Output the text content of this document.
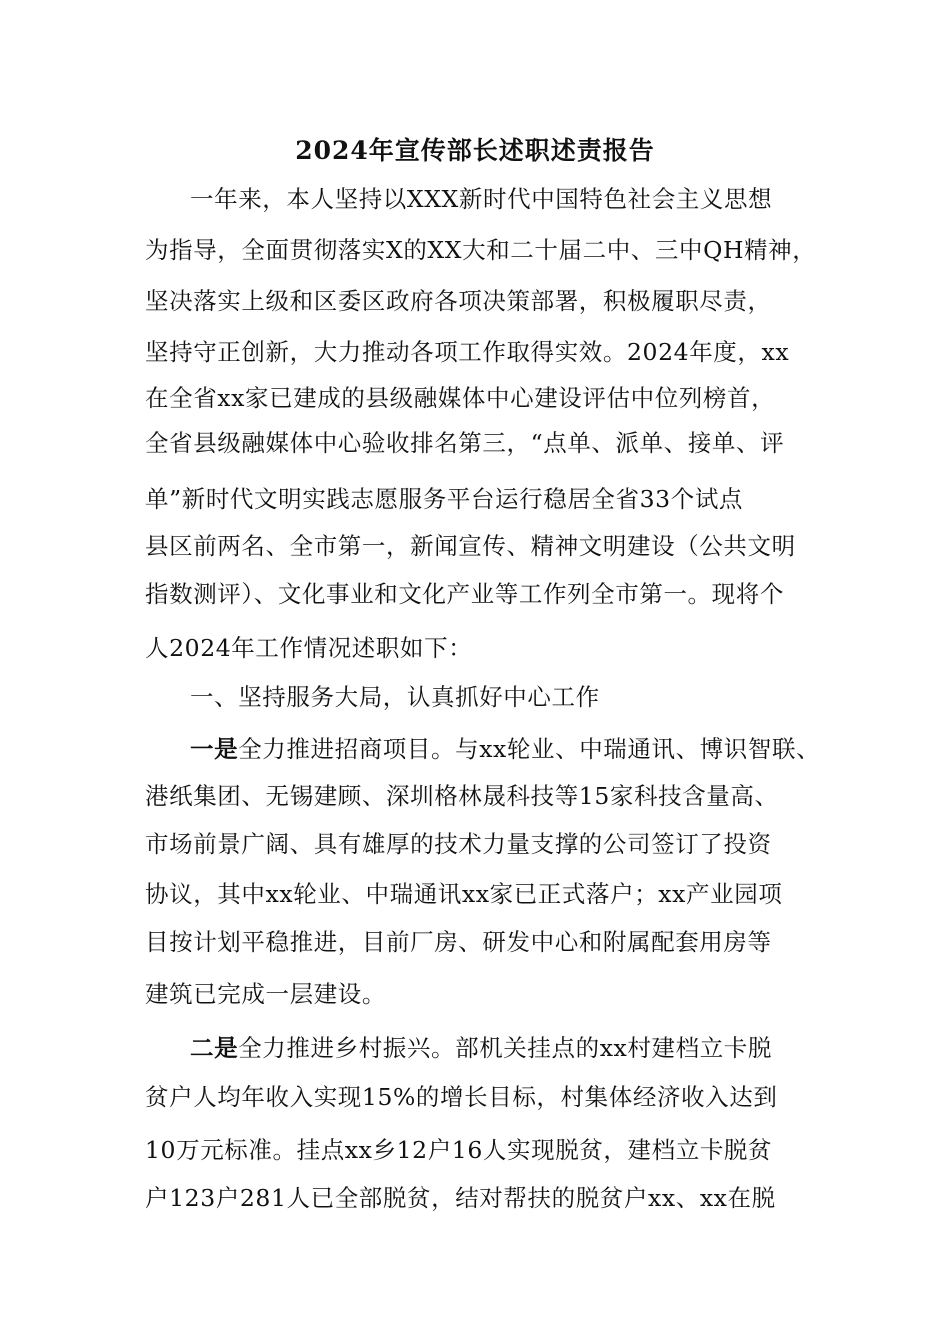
2024年宣传部长述职述责报告
一年来，本人坚持以XXX新时代中国特色社会主义思想
为指导，全面贯彻落实X的XX大和二十届二中、三中QH精神，
坚决落实上级和区委区政府各项决策部署，积极履职尽责，
坚持守正创新，大力推动各项工作取得实效。2024年度，xx
在全省xx家已建成的县级融媒体中心建设评估中位列榜首，
全省县级融媒体中心验收排名第三，“点单、派单、接单、评
单”新时代文明实践志愿服务平台运行稳居全省33个试点
县区前两名、全市第一，新闻宣传、精神文明建设（公共文明
指数测评）、文化事业和文化产业等工作列全市第一。现将个
人2024年工作情况述职如下：
一、坚持服务大局，认真抓好中心工作
一是全力推进招商项目。与xx轮业、中瑞通讯、博识智联、
港纸集团、无锡建顾、深圳格林晟科技等15家科技含量高、
市场前景广阔、具有雄厚的技术力量支撑的公司签订了投资
协议，其中xx轮业、中瑞通讯xx家已正式落户；xx产业园项
目按计划平稳推进，目前厂房、研发中心和附属配套用房等
建筑已完成一层建设。
二是全力推进乡村振兴。部机关挂点的xx村建档立卡脱
贫户人均年收入实现15%的增长目标，村集体经济收入达到
10万元标准。挂点xx乡12户16人实现脱贫，建档立卡脱贫
户123户281人已全部脱贫，结对帮扶的脱贫户xx、xx在脱
